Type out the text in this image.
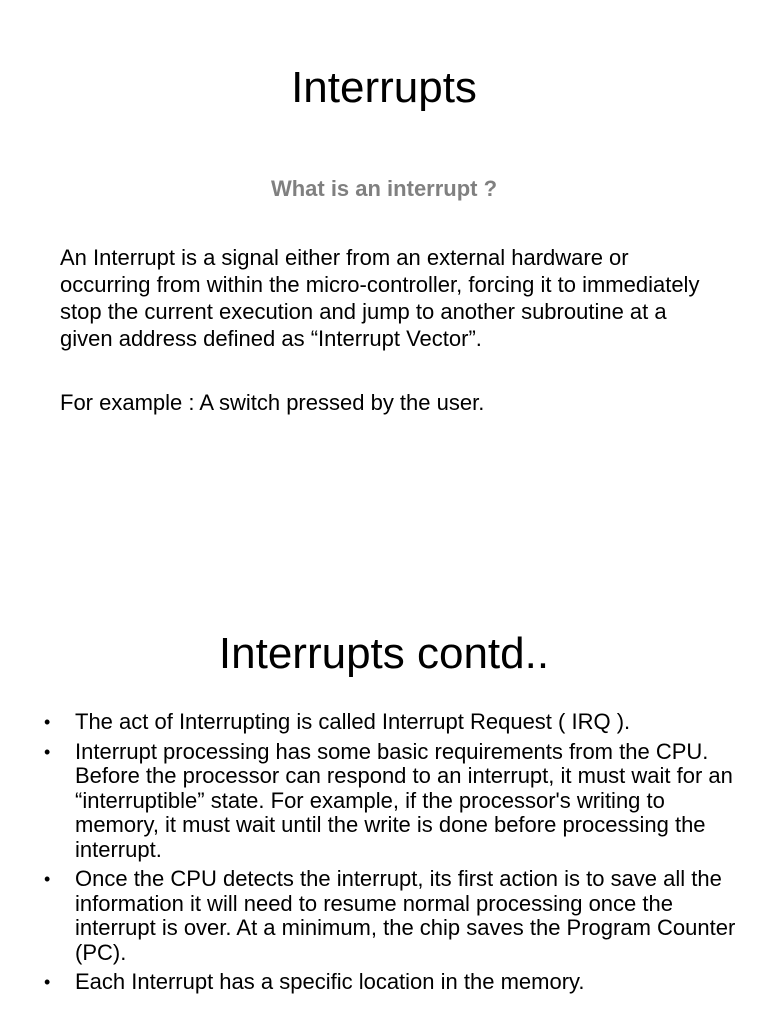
Interrupts
What is an interrupt ?

An Interrupt is a signal either from an external hardware or occurring from within the micro-controller, forcing it to immediately stop the current execution and jump to another subroutine at a given address defined as “Interrupt Vector”.

For example : A switch pressed by the user.

Interrupts contd..
• The act of Interrupting is called Interrupt Request ( IRQ ).
• Interrupt processing has some basic requirements from the CPU. Before the processor can respond to an interrupt, it must wait for an “interruptible” state. For example, if the processor's writing to memory, it must wait until the write is done before processing the interrupt.
• Once the CPU detects the interrupt, its first action is to save all the information it will need to resume normal processing once the interrupt is over. At a minimum, the chip saves the Program Counter (PC).
• Each Interrupt has a specific location in the memory.
